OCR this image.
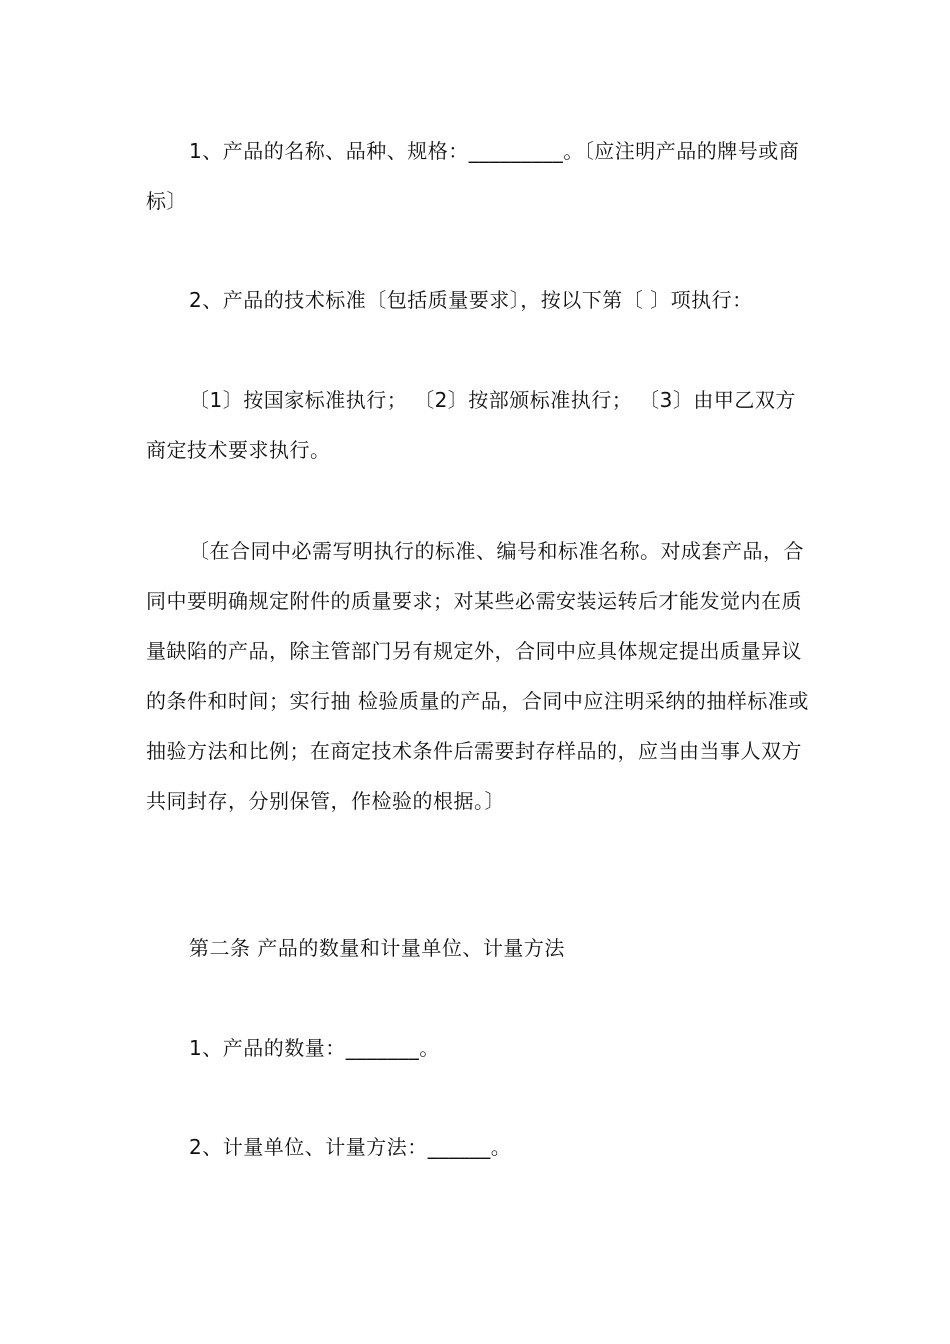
1、产品的名称、品种、规格：_________。〔应注明产品的牌号或商标〕

2、产品的技术标准〔包括质量要求〕，按以下第〔 〕项执行：

〔1〕按国家标准执行； 〔2〕按部颁标准执行； 〔3〕由甲乙双方商定技术要求执行。

〔在合同中必需写明执行的标准、编号和标准名称。对成套产品，合同中要明确规定附件的质量要求；对某些必需安装运转后才能发觉内在质量缺陷的产品，除主管部门另有规定外，合同中应具体规定提出质量异议的条件和时间；实行抽 检验质量的产品，合同中应注明采纳的抽样标准或抽验方法和比例；在商定技术条件后需要封存样品的，应当由当事人双方共同封存，分别保管，作检验的根据。〕

第二条 产品的数量和计量单位、计量方法

1、产品的数量：_______。

2、计量单位、计量方法：______。
